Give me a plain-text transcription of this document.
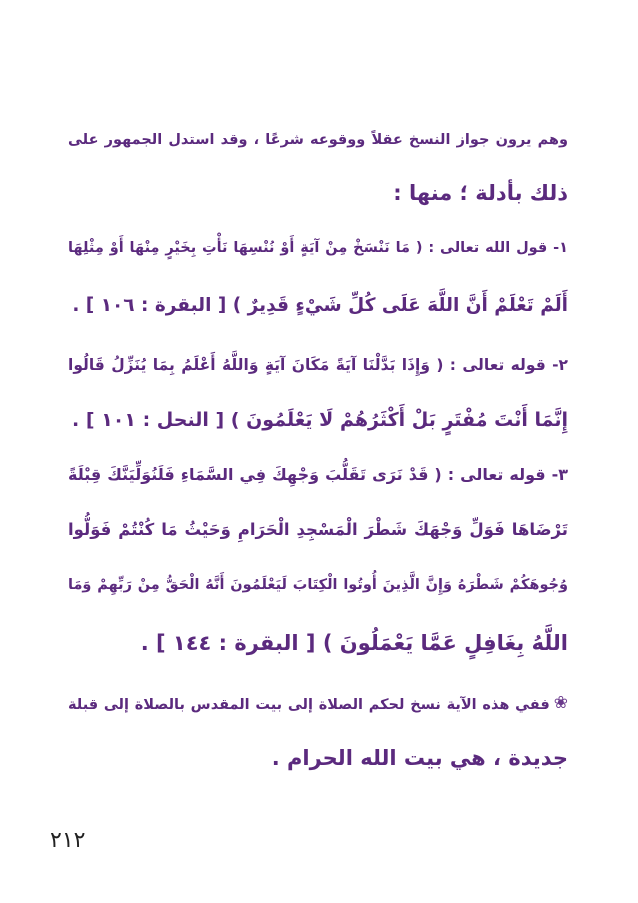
وهم يرون جواز النسخ عقلاً ووقوعه شرعًا ، وقد استدل الجمهور على
ذلك بأدلة ؛ منها :
١- قول الله تعالى : ( مَا نَنْسَخْ مِنْ آيَةٍ أَوْ نُنْسِهَا نَأْتِ بِخَيْرٍ مِنْهَا أَوْ مِثْلِهَا
أَلَمْ تَعْلَمْ أَنَّ اللَّهَ عَلَى كُلِّ شَيْءٍ قَدِيرٌ ) [ البقرة : ١٠٦ ] .
٢- قوله تعالى : ( وَإِذَا بَدَّلْنَا آيَةً مَكَانَ آيَةٍ وَاللَّهُ أَعْلَمُ بِمَا يُنَزِّلُ قَالُوا
إِنَّمَا أَنْتَ مُفْتَرٍ بَلْ أَكْثَرُهُمْ لَا يَعْلَمُونَ ) [ النحل : ١٠١ ] .
٣- قوله تعالى : ( قَدْ نَرَى تَقَلُّبَ وَجْهِكَ فِي السَّمَاءِ فَلَنُوَلِّيَنَّكَ قِبْلَةً
تَرْضَاهَا فَوَلِّ وَجْهَكَ شَطْرَ الْمَسْجِدِ الْحَرَامِ وَحَيْثُ مَا كُنْتُمْ فَوَلُّوا
وُجُوهَكُمْ شَطْرَهُ وَإِنَّ الَّذِينَ أُوتُوا الْكِتَابَ لَيَعْلَمُونَ أَنَّهُ الْحَقُّ مِنْ رَبِّهِمْ وَمَا
اللَّهُ بِغَافِلٍ عَمَّا يَعْمَلُونَ ) [ البقرة : ١٤٤ ] .
❀ففي هذه الآية نسخ لحكم الصلاة إلى بيت المقدس بالصلاة إلى قبلة
جديدة ، هي بيت الله الحرام .
٢١٢
